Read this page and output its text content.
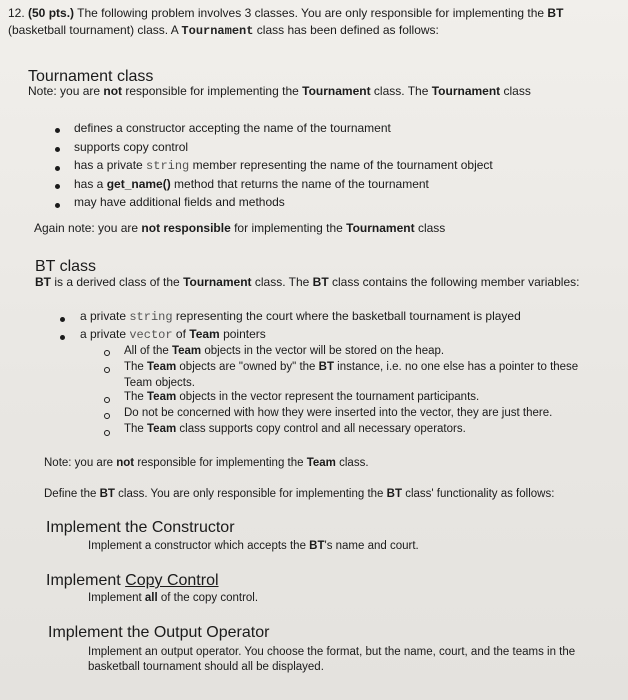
12. (50 pts.) The following problem involves 3 classes. You are only responsible for implementing the BT
(basketball tournament) class. A Tournament class has been defined as follows:
Tournament class
Note: you are not responsible for implementing the Tournament class. The Tournament class
defines a constructor accepting the name of the tournament
supports copy control
has a private string member representing the name of the tournament object
has a get_name() method that returns the name of the tournament
may have additional fields and methods
Again note: you are not responsible for implementing the Tournament class
BT class
BT is a derived class of the Tournament class. The BT class contains the following member variables:
a private string representing the court where the basketball tournament is played
a private vector of Team pointers
All of the Team objects in the vector will be stored on the heap.
The Team objects are "owned by" the BT instance, i.e. no one else has a pointer to these
Team objects.
The Team objects in the vector represent the tournament participants.
Do not be concerned with how they were inserted into the vector, they are just there.
The Team class supports copy control and all necessary operators.
Note: you are not responsible for implementing the Team class.
Define the BT class. You are only responsible for implementing the BT class' functionality as follows:
Implement the Constructor
Implement a constructor which accepts the BT's name and court.
Implement Copy Control
Implement all of the copy control.
Implement the Output Operator
Implement an output operator. You choose the format, but the name, court, and the teams in the
basketball tournament should all be displayed.
